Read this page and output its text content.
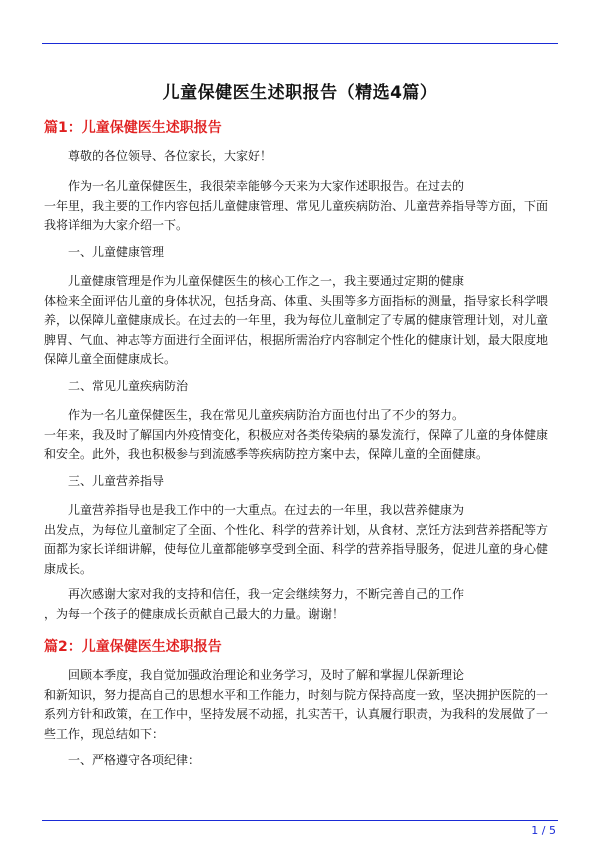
儿童保健医生述职报告（精选4篇）
篇1：儿童保健医生述职报告
尊敬的各位领导、各位家长，大家好！
作为一名儿童保健医生，我很荣幸能够今天来为大家作述职报告。在过去的
一年里，我主要的工作内容包括儿童健康管理、常见儿童疾病防治、儿童营养指导等方面，下面
我将详细为大家介绍一下。
一、儿童健康管理
儿童健康管理是作为儿童保健医生的核心工作之一，我主要通过定期的健康
体检来全面评估儿童的身体状况，包括身高、体重、头围等多方面指标的测量，指导家长科学喂
养，以保障儿童健康成长。在过去的一年里，我为每位儿童制定了专属的健康管理计划，对儿童
脾胃、气血、神志等方面进行全面评估，根据所需治疗内容制定个性化的健康计划，最大限度地
保障儿童全面健康成长。
二、常见儿童疾病防治
作为一名儿童保健医生，我在常见儿童疾病防治方面也付出了不少的努力。
一年来，我及时了解国内外疫情变化，积极应对各类传染病的暴发流行，保障了儿童的身体健康
和安全。此外，我也积极参与到流感季等疾病防控方案中去，保障儿童的全面健康。
三、儿童营养指导
儿童营养指导也是我工作中的一大重点。在过去的一年里，我以营养健康为
出发点，为每位儿童制定了全面、个性化、科学的营养计划，从食材、烹饪方法到营养搭配等方
面都为家长详细讲解，使每位儿童都能够享受到全面、科学的营养指导服务，促进儿童的身心健
康成长。
再次感谢大家对我的支持和信任，我一定会继续努力，不断完善自己的工作
，为每一个孩子的健康成长贡献自己最大的力量。谢谢！
篇2：儿童保健医生述职报告
回顾本季度，我自觉加强政治理论和业务学习，及时了解和掌握儿保新理论
和新知识，努力提高自己的思想水平和工作能力，时刻与院方保持高度一致，坚决拥护医院的一
系列方针和政策，在工作中，坚持发展不动摇，扎实苦干，认真履行职责，为我科的发展做了一
些工作，现总结如下：
一、严格遵守各项纪律：
1 / 5
